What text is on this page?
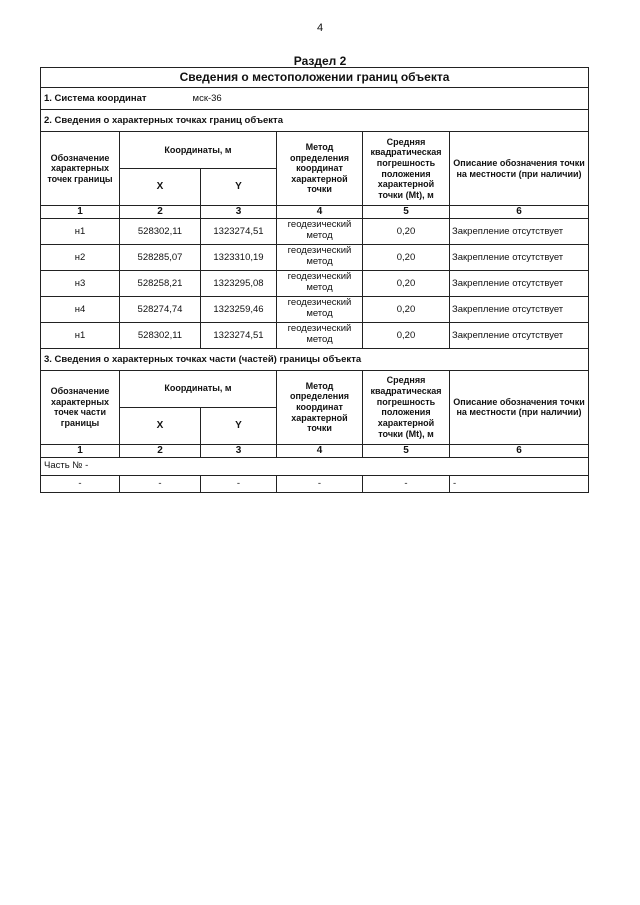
4
Раздел 2
Сведения о местоположении границ объекта					
1. Система координат мск-36					
2. Сведения о характерных точках границ объекта					
Обозначение характерных точек границы	Координаты, м		Метод определения координат характерной точки	Средняя квадратическая погрешность положения характерной точки (Mt), м	Описание обозначения точки на местности (при наличии)
	X	Y			
1	2	3	4	5	6
н1	528302,11	1323274,51	геодезический метод	0,20	Закрепление отсутствует
н2	528285,07	1323310,19	геодезический метод	0,20	Закрепление отсутствует
н3	528258,21	1323295,08	геодезический метод	0,20	Закрепление отсутствует
н4	528274,74	1323259,46	геодезический метод	0,20	Закрепление отсутствует
н1	528302,11	1323274,51	геодезический метод	0,20	Закрепление отсутствует
3. Сведения о характерных точках части (частей) границы объекта					
Обозначение характерных точек части границы	Координаты, м		Метод определения координат характерной точки	Средняя квадратическая погрешность положения характерной точки (Mt), м	Описание обозначения точки на местности (при наличии)
	X	Y			
1	2	3	4	5	6
Часть № -					
-	-	-	-	-	-
